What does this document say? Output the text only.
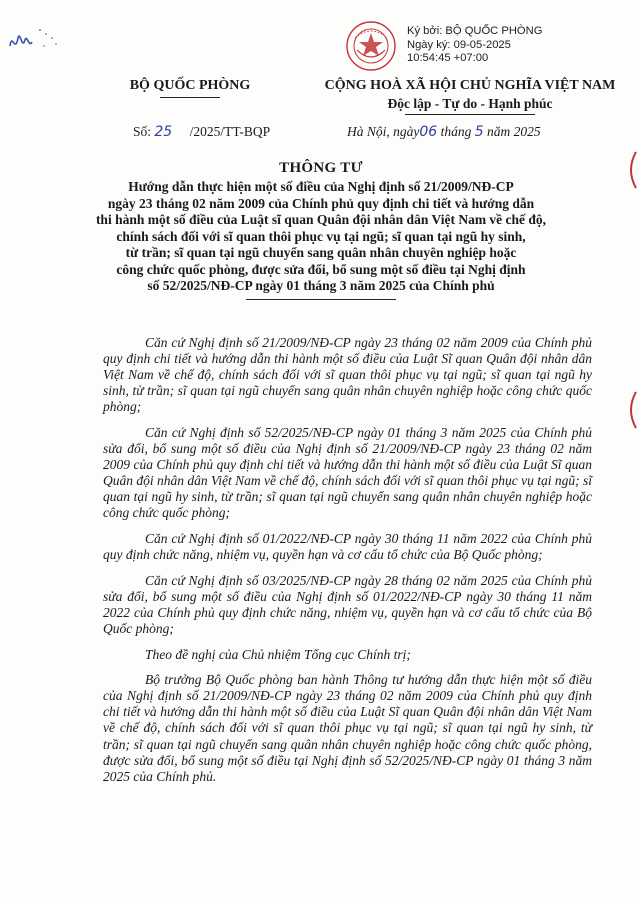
Ký bởi: BỘ QUỐC PHÒNG
Ngày ký: 09-05-2025
10:54:45 +07:00
BỘ QUỐC PHÒNG	CỘNG HOÀ XÃ HỘI CHỦ NGHĨA VIỆT NAM
Độc lập - Tự do - Hạnh phúc
Số: 25 /2025/TT-BQP	Hà Nội, ngày06 tháng 5 năm 2025
THÔNG TƯ
Hướng dẫn thực hiện một số điều của Nghị định số 21/2009/NĐ-CP
ngày 23 tháng 02 năm 2009 của Chính phủ quy định chi tiết và hướng dẫn
thi hành một số điều của Luật sĩ quan Quân đội nhân dân Việt Nam về chế độ,
chính sách đối với sĩ quan thôi phục vụ tại ngũ; sĩ quan tại ngũ hy sinh,
từ trần; sĩ quan tại ngũ chuyển sang quân nhân chuyên nghiệp hoặc
công chức quốc phòng, được sửa đổi, bổ sung một số điều tại Nghị định
số 52/2025/NĐ-CP ngày 01 tháng 3 năm 2025 của Chính phủ

Căn cứ Nghị định số 21/2009/NĐ-CP ngày 23 tháng 02 năm 2009 của Chính phủ quy định chi tiết và hướng dẫn thi hành một số điều của Luật Sĩ quan Quân đội nhân dân Việt Nam về chế độ, chính sách đối với sĩ quan thôi phục vụ tại ngũ; sĩ quan tại ngũ hy sinh, từ trần; sĩ quan tại ngũ chuyển sang quân nhân chuyên nghiệp hoặc công chức quốc phòng;

Căn cứ Nghị định số 52/2025/NĐ-CP ngày 01 tháng 3 năm 2025 của Chính phủ sửa đổi, bổ sung một số điều của Nghị định số 21/2009/NĐ-CP ngày 23 tháng 02 năm 2009 của Chính phủ quy định chi tiết và hướng dẫn thi hành một số điều của Luật Sĩ quan Quân đội nhân dân Việt Nam về chế độ, chính sách đối với sĩ quan thôi phục vụ tại ngũ; sĩ quan tại ngũ hy sinh, từ trần; sĩ quan tại ngũ chuyển sang quân nhân chuyên nghiệp hoặc công chức quốc phòng;

Căn cứ Nghị định số 01/2022/NĐ-CP ngày 30 tháng 11 năm 2022 của Chính phủ quy định chức năng, nhiệm vụ, quyền hạn và cơ cấu tổ chức của Bộ Quốc phòng;

Căn cứ Nghị định số 03/2025/NĐ-CP ngày 28 tháng 02 năm 2025 của Chính phủ sửa đổi, bổ sung một số điều của Nghị định số 01/2022/NĐ-CP ngày 30 tháng 11 năm 2022 của Chính phủ quy định chức năng, nhiệm vụ, quyền hạn và cơ cấu tổ chức của Bộ Quốc phòng;

Theo đề nghị của Chủ nhiệm Tổng cục Chính trị;

Bộ trưởng Bộ Quốc phòng ban hành Thông tư hướng dẫn thực hiện một số điều của Nghị định số 21/2009/NĐ-CP ngày 23 tháng 02 năm 2009 của Chính phủ quy định chi tiết và hướng dẫn thi hành một số điều của Luật Sĩ quan Quân đội nhân dân Việt Nam về chế độ, chính sách đối với sĩ quan thôi phục vụ tại ngũ; sĩ quan tại ngũ hy sinh, từ trần; sĩ quan tại ngũ chuyển sang quân nhân chuyên nghiệp hoặc công chức quốc phòng, được sửa đổi, bổ sung một số điều tại Nghị định số 52/2025/NĐ-CP ngày 01 tháng 3 năm 2025 của Chính phủ.
